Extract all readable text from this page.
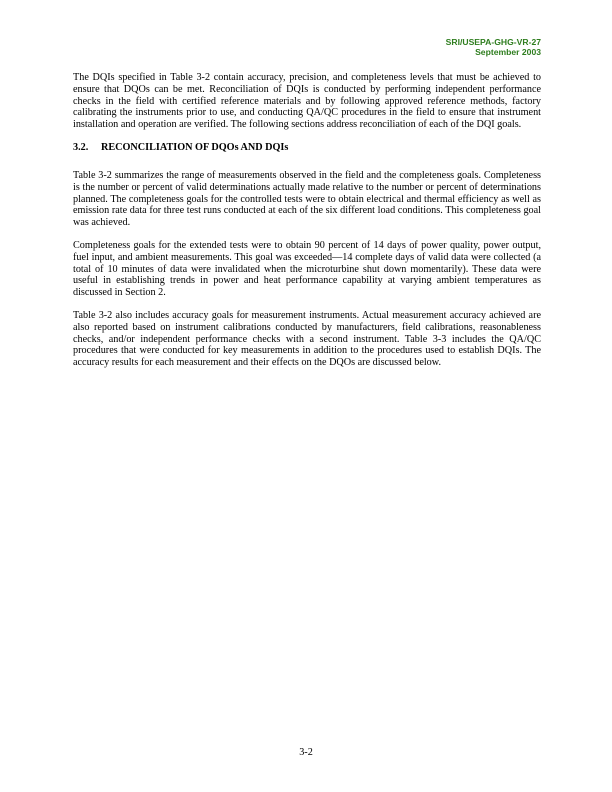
SRI/USEPA-GHG-VR-27
September 2003

The DQIs specified in Table 3-2 contain accuracy, precision, and completeness levels that must be achieved to ensure that DQOs can be met. Reconciliation of DQIs is conducted by performing independent performance checks in the field with certified reference materials and by following approved reference methods, factory calibrating the instruments prior to use, and conducting QA/QC procedures in the field to ensure that instrument installation and operation are verified. The following sections address reconciliation of each of the DQI goals.

3.2. RECONCILIATION OF DQOs AND DQIs

Table 3-2 summarizes the range of measurements observed in the field and the completeness goals. Completeness is the number or percent of valid determinations actually made relative to the number or percent of determinations planned. The completeness goals for the controlled tests were to obtain electrical and thermal efficiency as well as emission rate data for three test runs conducted at each of the six different load conditions. This completeness goal was achieved.

Completeness goals for the extended tests were to obtain 90 percent of 14 days of power quality, power output, fuel input, and ambient measurements. This goal was exceeded—14 complete days of valid data were collected (a total of 10 minutes of data were invalidated when the microturbine shut down momentarily). These data were useful in establishing trends in power and heat performance capability at varying ambient temperatures as discussed in Section 2.

Table 3-2 also includes accuracy goals for measurement instruments. Actual measurement accuracy achieved are also reported based on instrument calibrations conducted by manufacturers, field calibrations, reasonableness checks, and/or independent performance checks with a second instrument. Table 3-3 includes the QA/QC procedures that were conducted for key measurements in addition to the procedures used to establish DQIs. The accuracy results for each measurement and their effects on the DQOs are discussed below.

3-2
